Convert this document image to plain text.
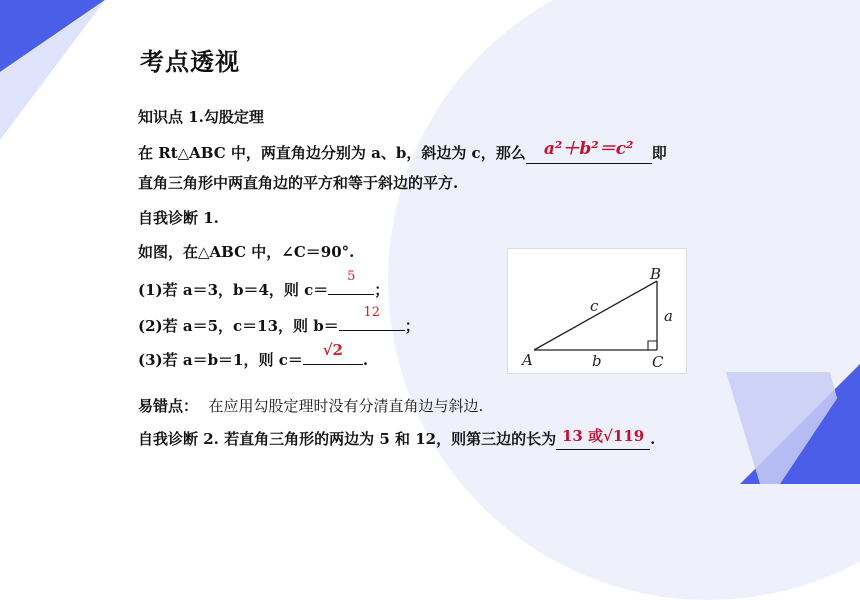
考点透视
知识点 1.勾股定理
在 Rt△ABC 中，两直角边分别为 a、b，斜边为 c，那么 a²＋b²＝c² 即
直角三角形中两直角边的平方和等于斜边的平方.
自我诊断 1.
如图，在△ABC 中，∠C＝90°.
(1)若 a＝3，b＝4，则 c＝
5
；
(2)若 a＝5，c＝13，则 b＝
12
；
(3)若 a＝b＝1，则 c＝
√2
.
B
A	C
a
b
c
易错点： 在应用勾股定理时没有分清直角边与斜边.
自我诊断 2. 若直角三角形的两边为 5 和 12，则第三边的长为 13 或√119 .
